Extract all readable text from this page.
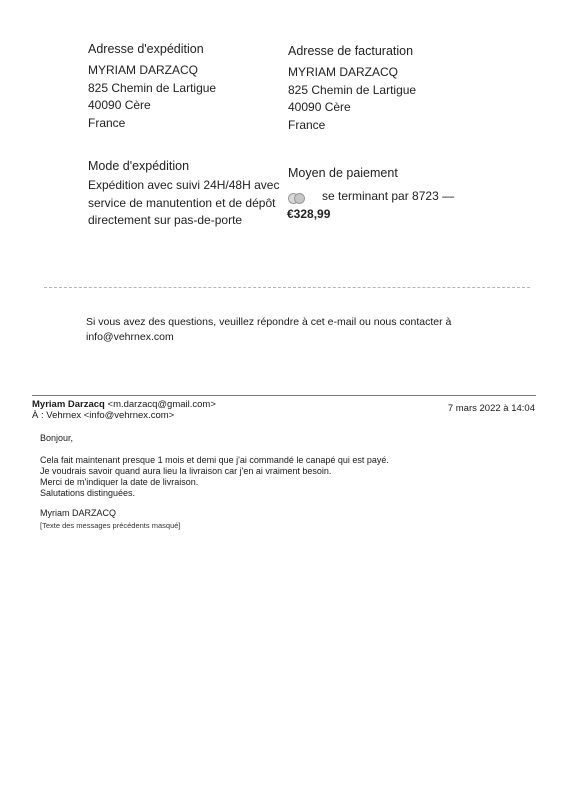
Adresse d'expédition
MYRIAM DARZACQ
825 Chemin de Lartigue
40090 Cère
France
Adresse de facturation
MYRIAM DARZACQ
825 Chemin de Lartigue
40090 Cère
France
Mode d'expédition
Expédition avec suivi 24H/48H avec
service de manutention et de dépôt
directement sur pas-de-porte
Moyen de paiement
se terminant par 8723 —
€328,99
Si vous avez des questions, veuillez répondre à cet e-mail ou nous contacter à
info@vehrnex.com
Myriam Darzacq <m.darzacq@gmail.com>	7 mars 2022 à 14:04
À : Vehrnex <info@vehrnex.com>
Bonjour,
Cela fait maintenant presque 1 mois et demi que j'ai commandé le canapé qui est payé.
Je voudrais savoir quand aura lieu la livraison car j'en ai vraiment besoin.
Merci de m'indiquer la date de livraison.
Salutations distinguées.
Myriam DARZACQ
[Texte des messages précédents masqué]
